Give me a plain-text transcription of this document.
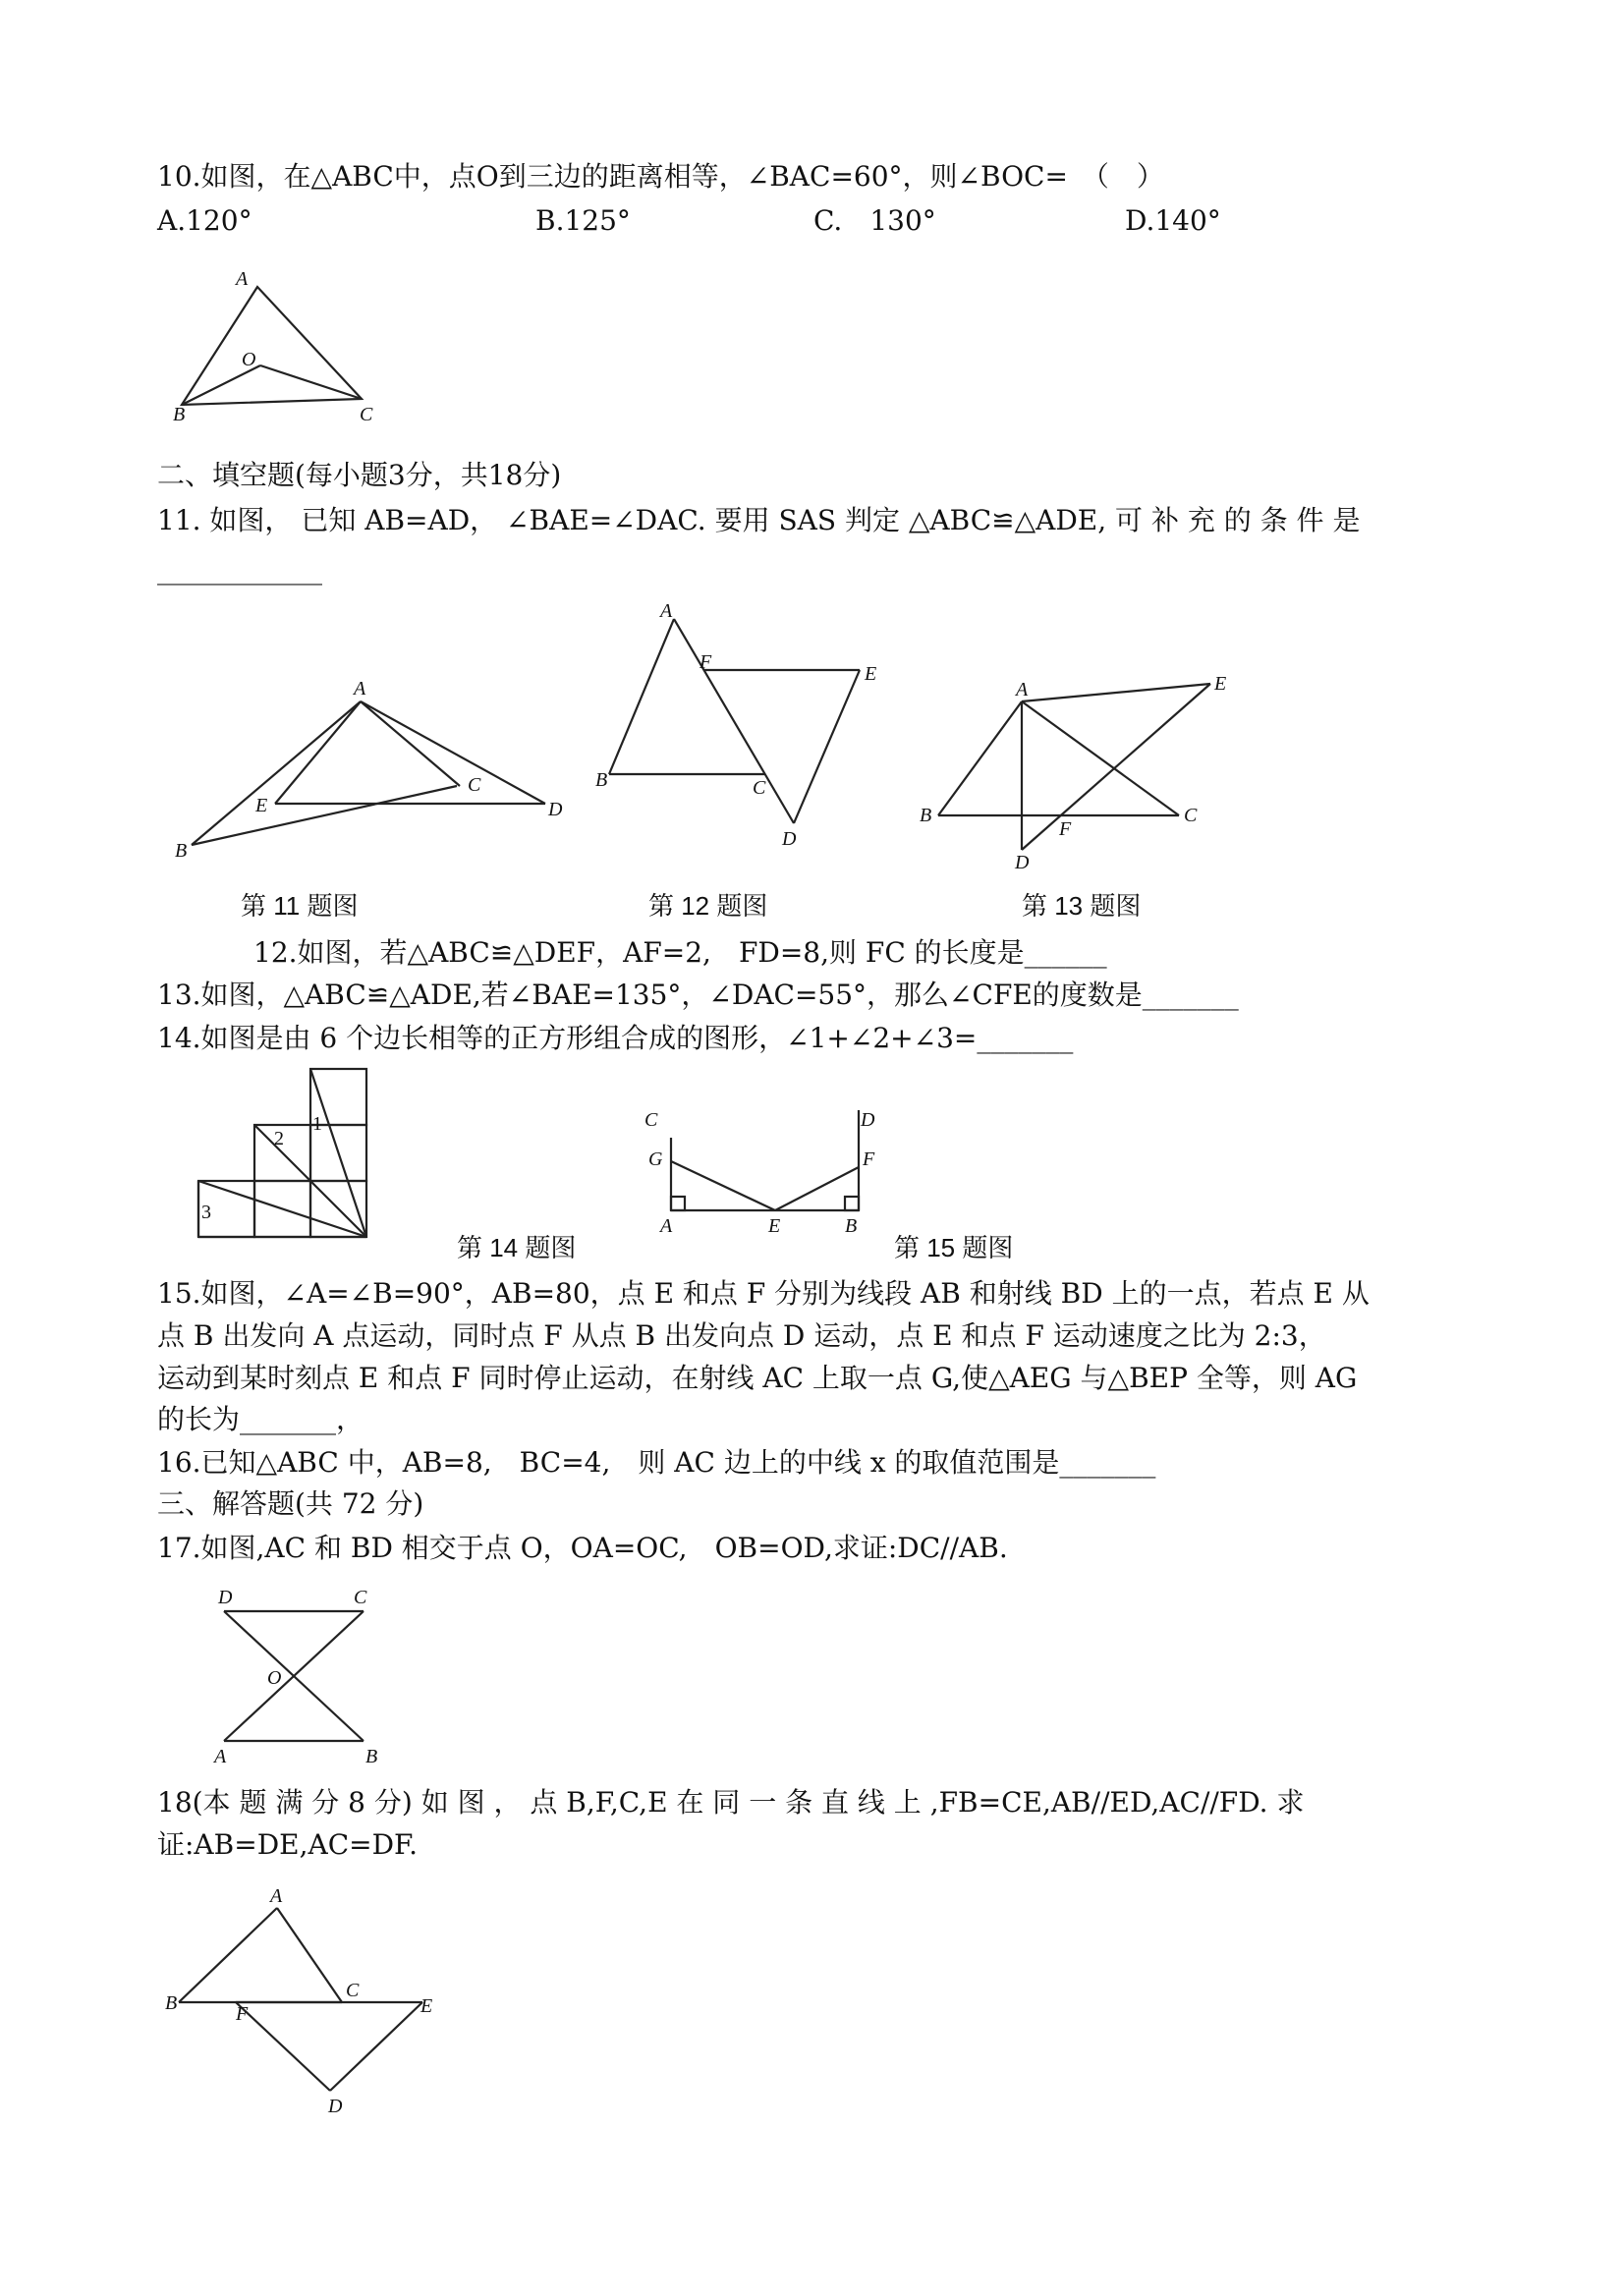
10.如图，在△ABC中，点O到三边的距离相等，∠BAC=60°，则∠BOC=　（　）
A.120°	B.125°	C.　130°	D.140°
A
O
B	C
二、填空题(每小题3分，共18分)
11. 如图， 已知 AB=AD， ∠BAE=∠DAC. 要用 SAS 判定 △ABC≌△ADE, 可 补 充 的 条 件 是
____________
A
C
E	D
B
第 11 题图
A
F
E
B	C
D
第 12 题图
A	E
B	C
D
F
第 13 题图
12.如图，若△ABC≌△DEF，AF=2,　FD=8,则 FC 的长度是______
13.如图，△ABC≌△ADE,若∠BAE=135°，∠DAC=55°，那么∠CFE的度数是_______
14.如图是由 6 个边长相等的正方形组合成的图形，∠1+∠2+∠3=_______
1
2
3
第 14 题图
C	D
G	F
A	E	B
第 15 题图
15.如图，∠A=∠B=90°，AB=80，点 E 和点 F 分别为线段 AB 和射线 BD 上的一点，若点 E 从
点 B 出发向 A 点运动，同时点 F 从点 B 出发向点 D 运动，点 E 和点 F 运动速度之比为 2:3，
运动到某时刻点 E 和点 F 同时停止运动，在射线 AC 上取一点 G,使△AEG 与△BEP 全等，则 AG
的长为_______，
16.已知△ABC 中，AB=8,　BC=4,　则 AC 边上的中线 x 的取值范围是_______
三、解答题(共 72 分)
17.如图,AC 和 BD 相交于点 O，OA=OC,　OB=OD,求证:DC//AB.
D	C
O
A	B
18(本 题 满 分 8 分) 如 图 ， 点 B,F,C,E 在 同 一 条 直 线 上 ,FB=CE,AB//ED,AC//FD. 求
证:AB=DE,AC=DF.
A
B	F
C
E
D
